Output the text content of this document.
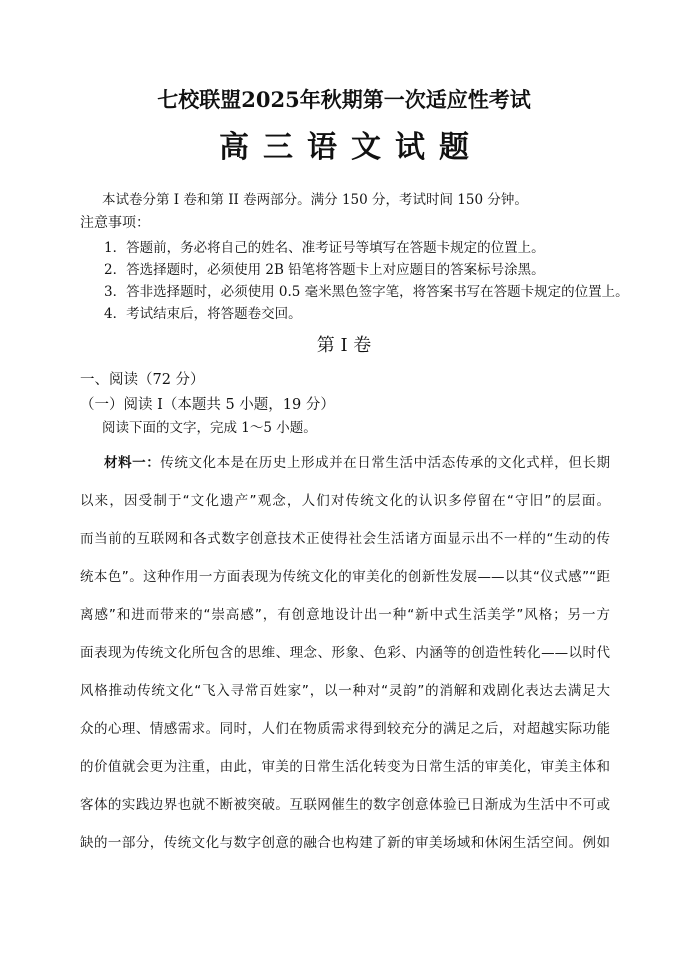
七校联盟2025年秋期第一次适应性考试
高三语文试题
本试卷分第 I 卷和第 II 卷两部分。满分 150 分，考试时间 150 分钟。
注意事项：
1．答题前，务必将自己的姓名、准考证号等填写在答题卡规定的位置上。
2．答选择题时，必须使用 2B 铅笔将答题卡上对应题目的答案标号涂黑。
3．答非选择题时，必须使用 0.5 毫米黑色签字笔，将答案书写在答题卡规定的位置上。
4．考试结束后，将答题卷交回。
第 I 卷
一、阅读（72 分）
（一）阅读 I（本题共 5 小题，19 分）
阅读下面的文字，完成 1～5 小题。
材料一：传统文化本是在历史上形成并在日常生活中活态传承的文化式样，但长期
以来，因受制于“文化遗产”观念，人们对传统文化的认识多停留在“守旧”的层面。
而当前的互联网和各式数字创意技术正使得社会生活诸方面显示出不一样的“生动的传
统本色”。这种作用一方面表现为传统文化的审美化的创新性发展——以其“仪式感”“距
离感”和进而带来的“崇高感”，有创意地设计出一种“新中式生活美学”风格；另一方
面表现为传统文化所包含的思维、理念、形象、色彩、内涵等的创造性转化——以时代
风格推动传统文化“飞入寻常百姓家”，以一种对“灵韵”的消解和戏剧化表达去满足大
众的心理、情感需求。同时，人们在物质需求得到较充分的满足之后，对超越实际功能
的价值就会更为注重，由此，审美的日常生活化转变为日常生活的审美化，审美主体和
客体的实践边界也就不断被突破。互联网催生的数字创意体验已日渐成为生活中不可或
缺的一部分，传统文化与数字创意的融合也构建了新的审美场域和休闲生活空间。例如
